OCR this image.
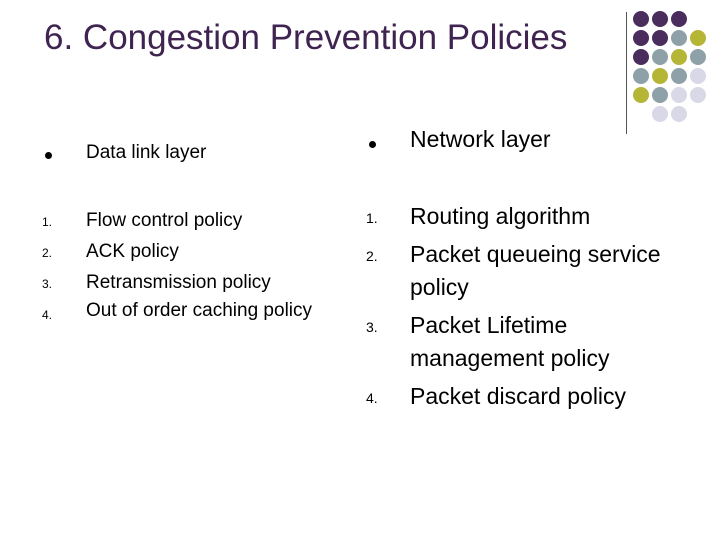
6. Congestion Prevention Policies
Data link layer
1. Flow control policy
2. ACK policy
3. Retransmission policy
4. Out of order caching policy
Network layer
1. Routing algorithm
2. Packet queueing service policy
3. Packet Lifetime management policy
4. Packet discard policy
